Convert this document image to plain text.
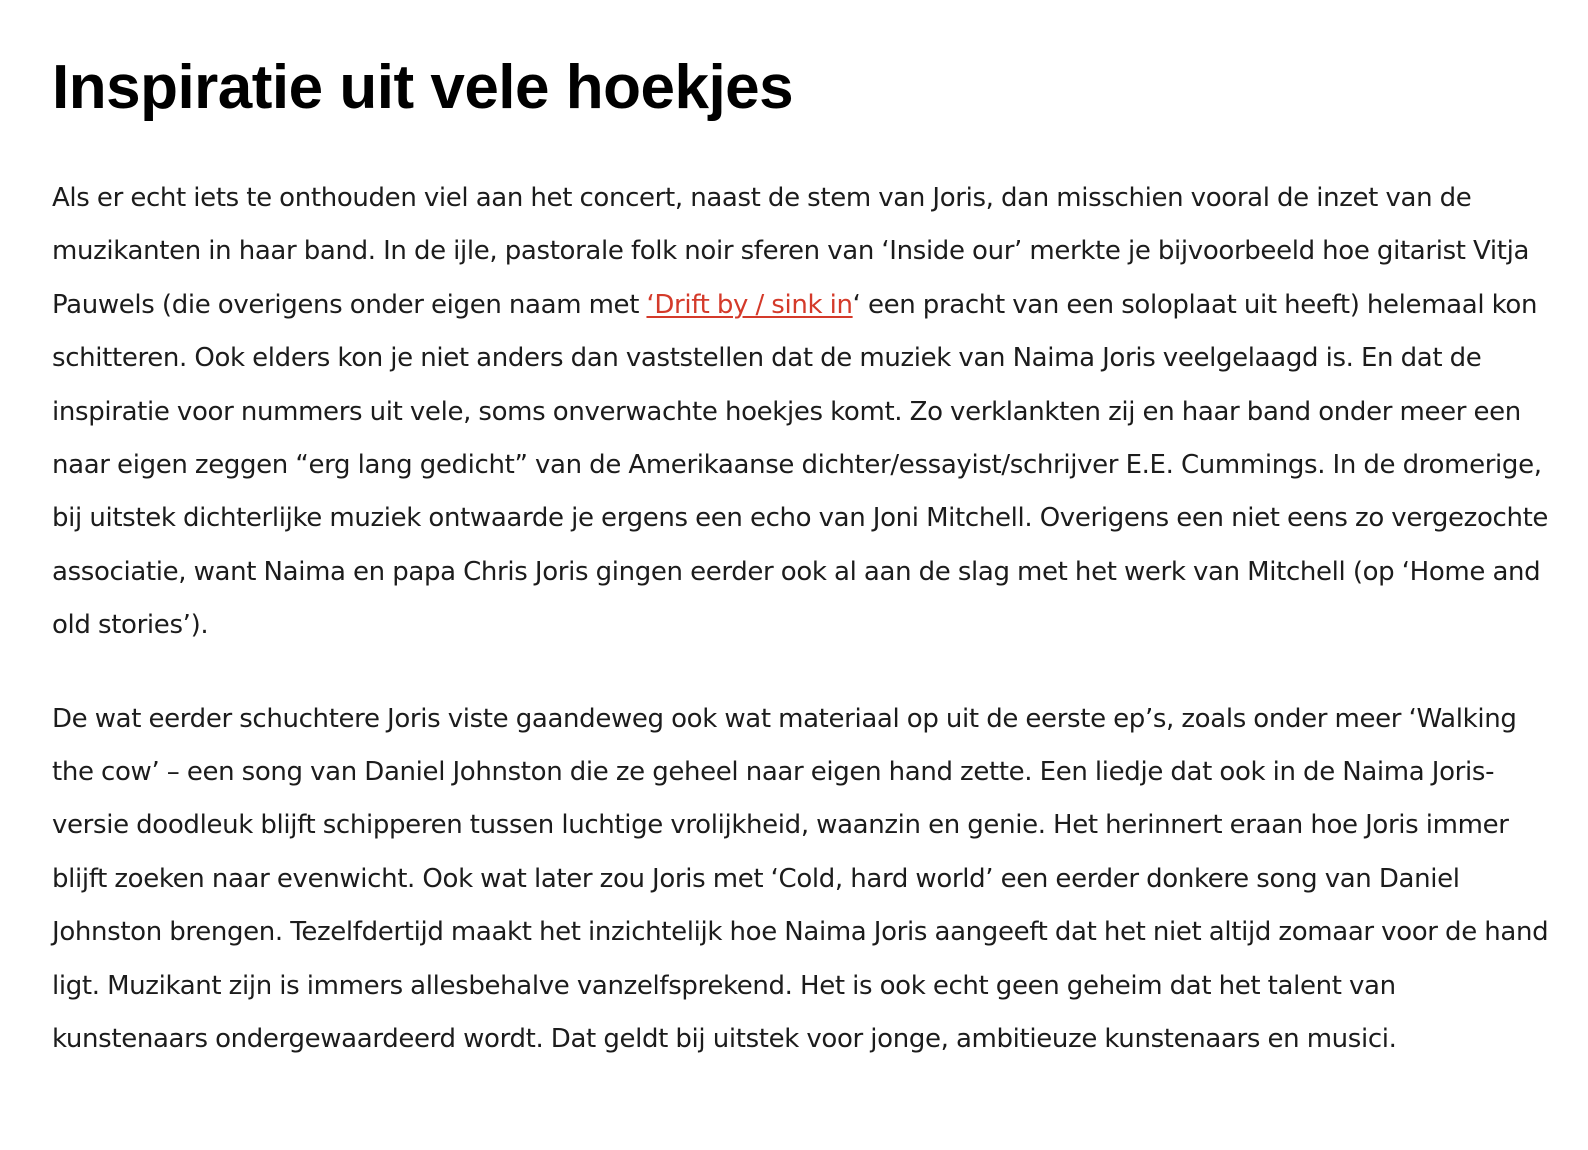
Inspiratie uit vele hoekjes

Als er echt iets te onthouden viel aan het concert, naast de stem van Joris, dan misschien vooral de inzet van de muzikanten in haar band. In de ijle, pastorale folk noir sferen van ‘Inside our’ merkte je bijvoorbeeld hoe gitarist Vitja Pauwels (die overigens onder eigen naam met ‘Drift by / sink in‘ een pracht van een soloplaat uit heeft) helemaal kon schitteren. Ook elders kon je niet anders dan vaststellen dat de muziek van Naima Joris veelgelaagd is. En dat de inspiratie voor nummers uit vele, soms onverwachte hoekjes komt. Zo verklankten zij en haar band onder meer een naar eigen zeggen “erg lang gedicht” van de Amerikaanse dichter/essayist/schrijver E.E. Cummings. In de dromerige, bij uitstek dichterlijke muziek ontwaarde je ergens een echo van Joni Mitchell. Overigens een niet eens zo vergezochte associatie, want Naima en papa Chris Joris gingen eerder ook al aan de slag met het werk van Mitchell (op ‘Home and old stories’).

De wat eerder schuchtere Joris viste gaandeweg ook wat materiaal op uit de eerste ep’s, zoals onder meer ‘Walking the cow’ – een song van Daniel Johnston die ze geheel naar eigen hand zette. Een liedje dat ook in de Naima Joris-versie doodleuk blijft schipperen tussen luchtige vrolijkheid, waanzin en genie. Het herinnert eraan hoe Joris immer blijft zoeken naar evenwicht. Ook wat later zou Joris met ‘Cold, hard world’ een eerder donkere song van Daniel Johnston brengen. Tezelfdertijd maakt het inzichtelijk hoe Naima Joris aangeeft dat het niet altijd zomaar voor de hand ligt. Muzikant zijn is immers allesbehalve vanzelfsprekend. Het is ook echt geen geheim dat het talent van kunstenaars ondergewaardeerd wordt. Dat geldt bij uitstek voor jonge, ambitieuze kunstenaars en musici.
